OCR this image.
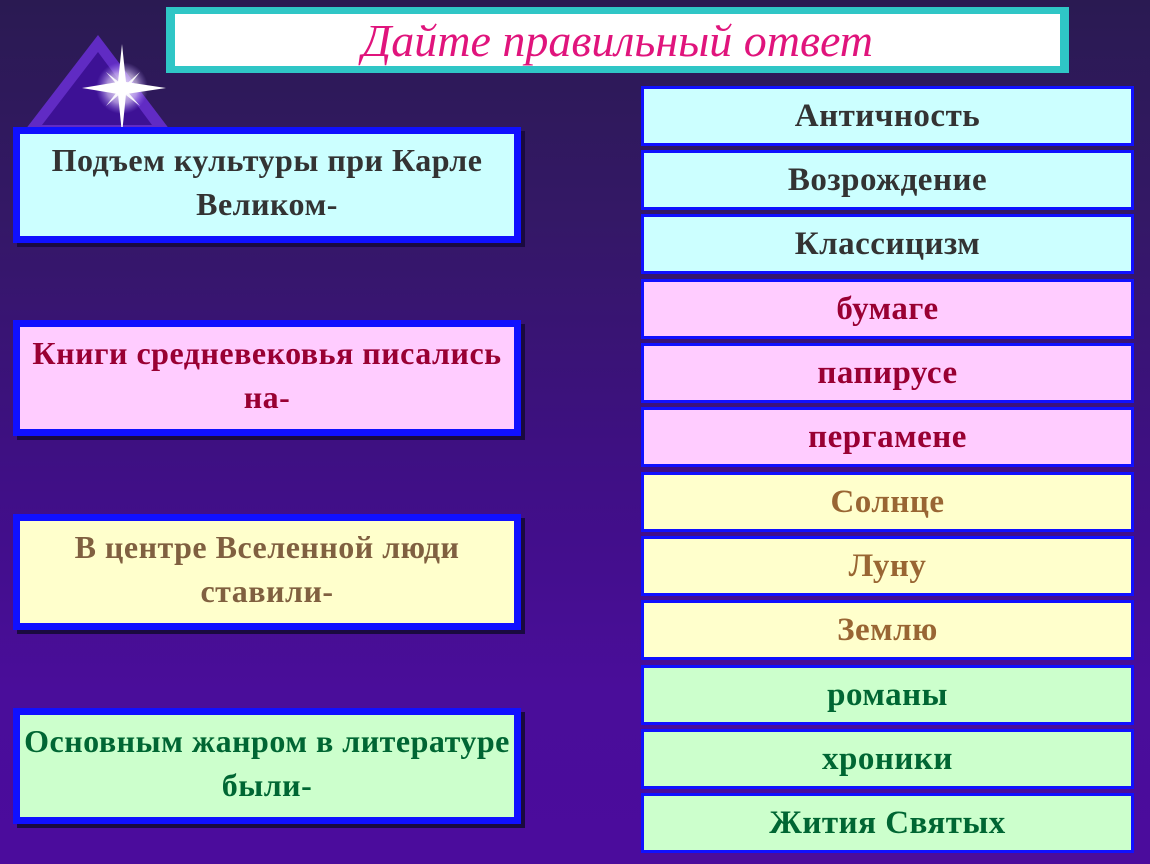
Дайте правильный ответ
Подъем культуры при Карле Великом-
Книги средневековья писались на-
В центре Вселенной люди ставили-
Основным жанром в литературе были-
Античность
Возрождение
Классицизм
бумаге
папирусе
пергамене
Солнце
Луну
Землю
романы
хроники
Жития Святых
